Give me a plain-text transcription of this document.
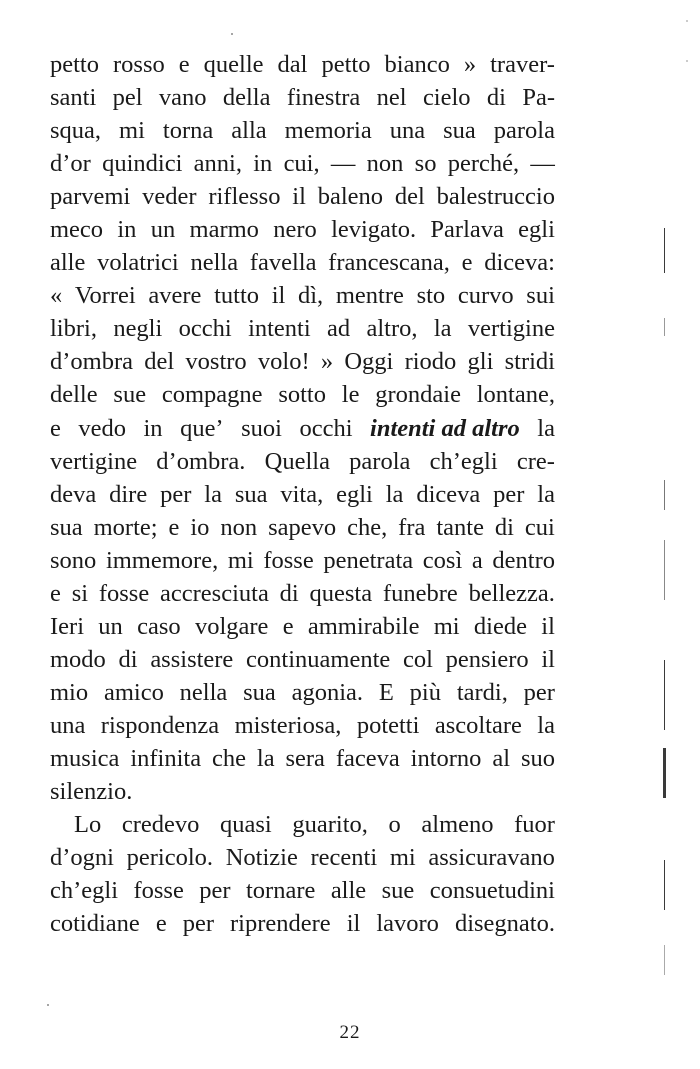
petto rosso e quelle dal petto bianco » traver-
santi pel vano della finestra nel cielo di Pa-
squa, mi torna alla memoria una sua parola
d’or quindici anni, in cui, — non so perché, —
parvemi veder riflesso il baleno del balestruccio
meco in un marmo nero levigato. Parlava egli
alle volatrici nella favella francescana, e diceva:
« Vorrei avere tutto il dì, mentre sto curvo sui
libri, negli occhi intenti ad altro, la vertigine
d’ombra del vostro volo! » Oggi riodo gli stridi
delle sue compagne sotto le grondaie lontane,
e vedo in que’ suoi occhi intenti ad altro la
vertigine d’ombra. Quella parola ch’egli cre-
deva dire per la sua vita, egli la diceva per la
sua morte; e io non sapevo che, fra tante di cui
sono immemore, mi fosse penetrata così a dentro
e si fosse accresciuta di questa funebre bellezza.
Ieri un caso volgare e ammirabile mi diede il
modo di assistere continuamente col pensiero il
mio amico nella sua agonia. E più tardi, per
una rispondenza misteriosa, potetti ascoltare la
musica infinita che la sera faceva intorno al suo
silenzio.
Lo credevo quasi guarito, o almeno fuor
d’ogni pericolo. Notizie recenti mi assicuravano
ch’egli fosse per tornare alle sue consuetudini
cotidiane e per riprendere il lavoro disegnato.
22
